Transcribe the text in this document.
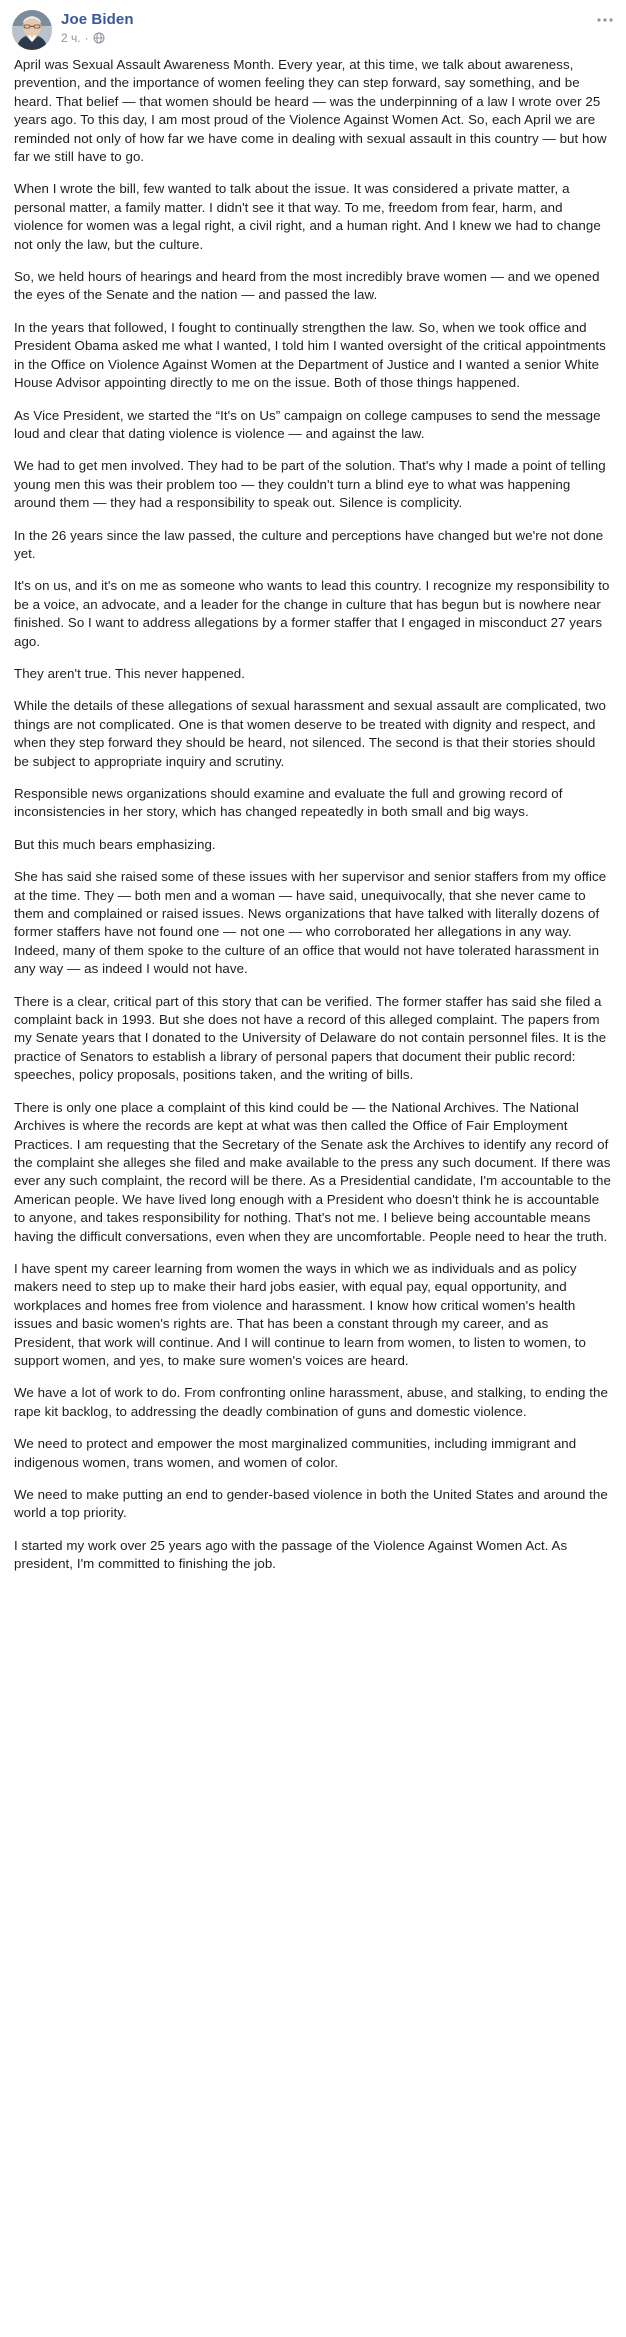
Joe Biden
2 ч. ·

April was Sexual Assault Awareness Month. Every year, at this time, we talk about awareness, prevention, and the importance of women feeling they can step forward, say something, and be heard. That belief — that women should be heard — was the underpinning of a law I wrote over 25 years ago. To this day, I am most proud of the Violence Against Women Act. So, each April we are reminded not only of how far we have come in dealing with sexual assault in this country — but how far we still have to go.

When I wrote the bill, few wanted to talk about the issue. It was considered a private matter, a personal matter, a family matter. I didn't see it that way. To me, freedom from fear, harm, and violence for women was a legal right, a civil right, and a human right. And I knew we had to change not only the law, but the culture.

So, we held hours of hearings and heard from the most incredibly brave women — and we opened the eyes of the Senate and the nation — and passed the law.

In the years that followed, I fought to continually strengthen the law. So, when we took office and President Obama asked me what I wanted, I told him I wanted oversight of the critical appointments in the Office on Violence Against Women at the Department of Justice and I wanted a senior White House Advisor appointing directly to me on the issue. Both of those things happened.

As Vice President, we started the “It's on Us” campaign on college campuses to send the message loud and clear that dating violence is violence — and against the law.

We had to get men involved. They had to be part of the solution. That's why I made a point of telling young men this was their problem too — they couldn't turn a blind eye to what was happening around them — they had a responsibility to speak out. Silence is complicity.

In the 26 years since the law passed, the culture and perceptions have changed but we're not done yet.

It's on us, and it's on me as someone who wants to lead this country. I recognize my responsibility to be a voice, an advocate, and a leader for the change in culture that has begun but is nowhere near finished. So I want to address allegations by a former staffer that I engaged in misconduct 27 years ago.

They aren't true. This never happened.

While the details of these allegations of sexual harassment and sexual assault are complicated, two things are not complicated. One is that women deserve to be treated with dignity and respect, and when they step forward they should be heard, not silenced. The second is that their stories should be subject to appropriate inquiry and scrutiny.

Responsible news organizations should examine and evaluate the full and growing record of inconsistencies in her story, which has changed repeatedly in both small and big ways.

But this much bears emphasizing.

She has said she raised some of these issues with her supervisor and senior staffers from my office at the time. They — both men and a woman — have said, unequivocally, that she never came to them and complained or raised issues. News organizations that have talked with literally dozens of former staffers have not found one — not one — who corroborated her allegations in any way. Indeed, many of them spoke to the culture of an office that would not have tolerated harassment in any way — as indeed I would not have.

There is a clear, critical part of this story that can be verified. The former staffer has said she filed a complaint back in 1993. But she does not have a record of this alleged complaint. The papers from my Senate years that I donated to the University of Delaware do not contain personnel files. It is the practice of Senators to establish a library of personal papers that document their public record: speeches, policy proposals, positions taken, and the writing of bills.

There is only one place a complaint of this kind could be — the National Archives. The National Archives is where the records are kept at what was then called the Office of Fair Employment Practices. I am requesting that the Secretary of the Senate ask the Archives to identify any record of the complaint she alleges she filed and make available to the press any such document. If there was ever any such complaint, the record will be there. As a Presidential candidate, I'm accountable to the American people. We have lived long enough with a President who doesn't think he is accountable to anyone, and takes responsibility for nothing. That's not me. I believe being accountable means having the difficult conversations, even when they are uncomfortable. People need to hear the truth.

I have spent my career learning from women the ways in which we as individuals and as policy makers need to step up to make their hard jobs easier, with equal pay, equal opportunity, and workplaces and homes free from violence and harassment. I know how critical women's health issues and basic women's rights are. That has been a constant through my career, and as President, that work will continue. And I will continue to learn from women, to listen to women, to support women, and yes, to make sure women's voices are heard.

We have a lot of work to do. From confronting online harassment, abuse, and stalking, to ending the rape kit backlog, to addressing the deadly combination of guns and domestic violence.

We need to protect and empower the most marginalized communities, including immigrant and indigenous women, trans women, and women of color.

We need to make putting an end to gender-based violence in both the United States and around the world a top priority.

I started my work over 25 years ago with the passage of the Violence Against Women Act. As president, I'm committed to finishing the job.
